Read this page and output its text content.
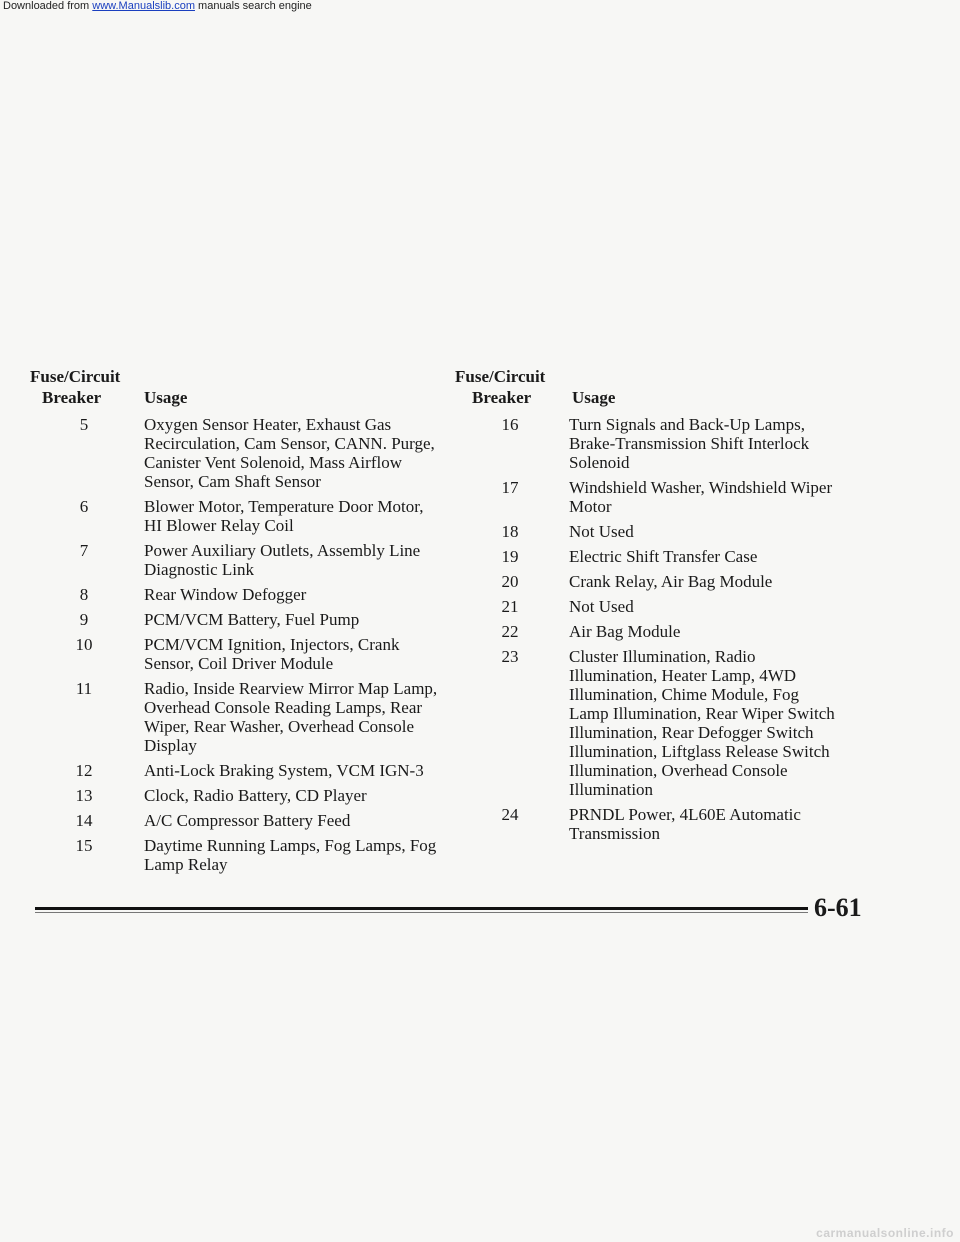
Downloaded from www.Manualslib.com manuals search engine
Fuse/Circuit
Breaker	Usage
5	Oxygen Sensor Heater, Exhaust Gas Recirculation, Cam Sensor, CANN. Purge, Canister Vent Solenoid, Mass Airflow Sensor, Cam Shaft Sensor
6	Blower Motor, Temperature Door Motor, HI Blower Relay Coil
7	Power Auxiliary Outlets, Assembly Line Diagnostic Link
8	Rear Window Defogger
9	PCM/VCM Battery, Fuel Pump
10	PCM/VCM Ignition, Injectors, Crank Sensor, Coil Driver Module
11	Radio, Inside Rearview Mirror Map Lamp, Overhead Console Reading Lamps, Rear Wiper, Rear Washer, Overhead Console Display
12	Anti-Lock Braking System, VCM IGN-3
13	Clock, Radio Battery, CD Player
14	A/C Compressor Battery Feed
15	Daytime Running Lamps, Fog Lamps, Fog Lamp Relay
Fuse/Circuit
Breaker Usage
16	Turn Signals and Back-Up Lamps, Brake-Transmission Shift Interlock Solenoid
17	Windshield Washer, Windshield Wiper Motor
18	Not Used
19	Electric Shift Transfer Case
20	Crank Relay, Air Bag Module
21	Not Used
22	Air Bag Module
23	Cluster Illumination, Radio Illumination, Heater Lamp, 4WD Illumination, Chime Module, Fog Lamp Illumination, Rear Wiper Switch Illumination, Rear Defogger Switch Illumination, Liftglass Release Switch Illumination, Overhead Console Illumination
24	PRNDL Power, 4L60E Automatic Transmission
6-61
carmanualsonline.info
